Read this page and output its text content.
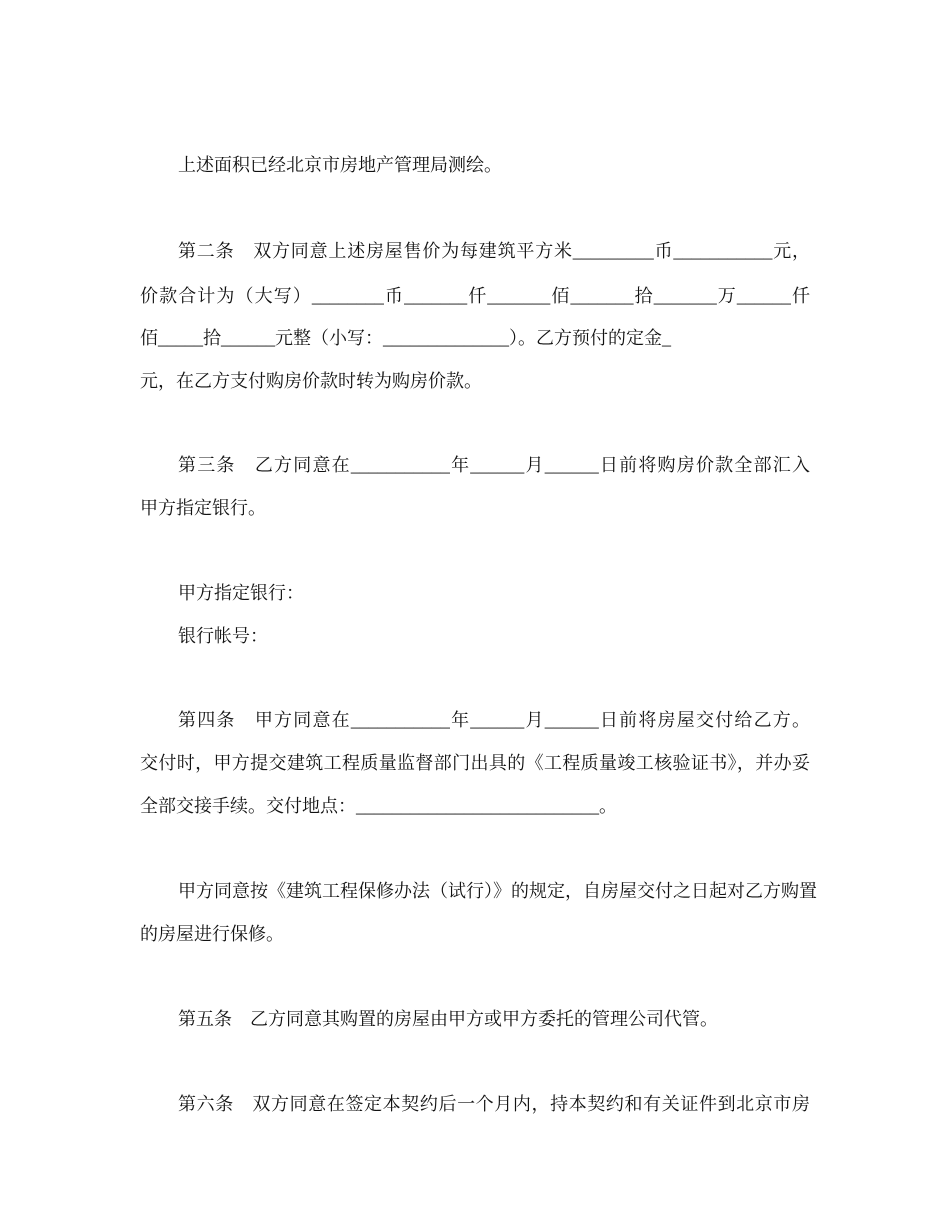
上述面积已经北京市房地产管理局测绘。
第二条　双方同意上述房屋售价为每建筑平方米_________币___________元，
价款合计为（大写）________币_______仟_______佰_______拾_______万______仟
佰_____拾______元整（小写：______________）。乙方预付的定金_
元，在乙方支付购房价款时转为购房价款。
第三条　乙方同意在___________年______月______日前将购房价款全部汇入
甲方指定银行。
甲方指定银行：
银行帐号：
第四条　甲方同意在___________年______月______日前将房屋交付给乙方。
交付时，甲方提交建筑工程质量监督部门出具的《工程质量竣工核验证书》，并办妥
全部交接手续。交付地点：___________________________。
甲方同意按《建筑工程保修办法（试行）》的规定，自房屋交付之日起对乙方购置
的房屋进行保修。
第五条　乙方同意其购置的房屋由甲方或甲方委托的管理公司代管。
第六条　双方同意在签定本契约后一个月内，持本契约和有关证件到北京市房
